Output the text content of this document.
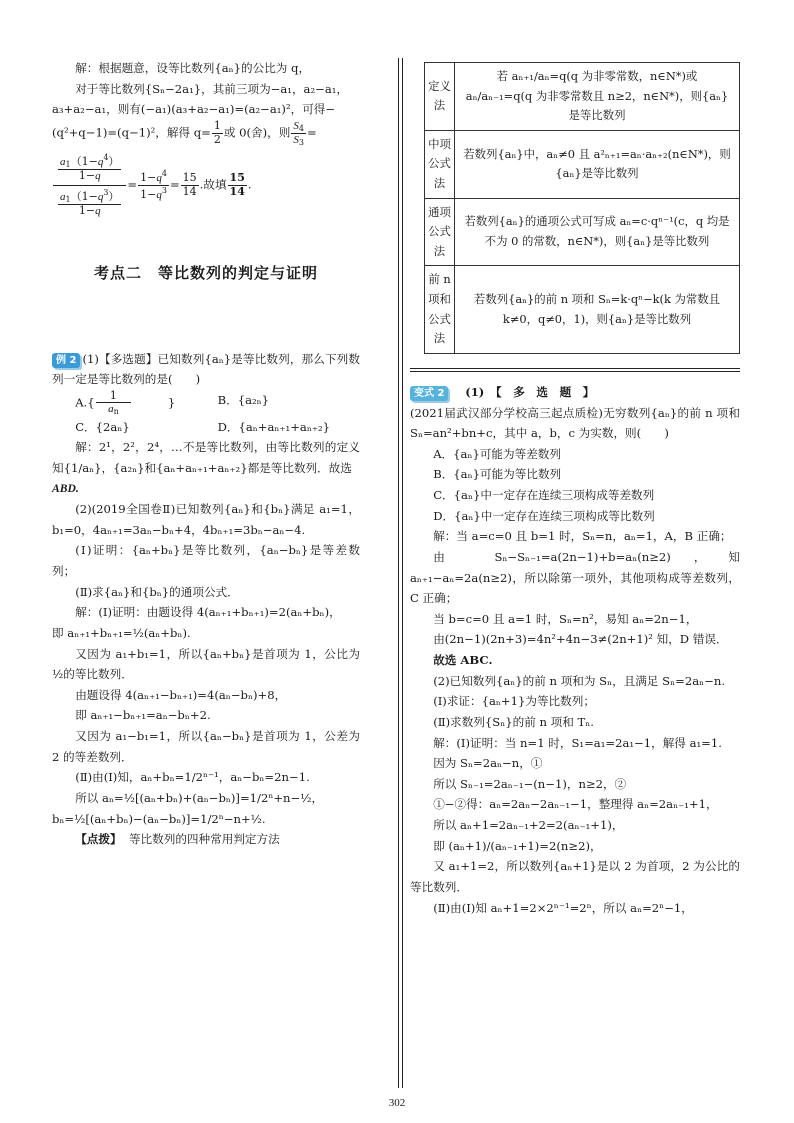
解：根据题意，设等比数列{aₙ}的公比为 q，

对于等比数列{Sₙ−2a₁}，其前三项为−a₁，a₂−a₁，

a₃+a₂−a₁，则有(−a₁)(a₃+a₂−a₁)=(a₂−a₁)²，可得−

(q²+q−1)=(q−1)²，解得 $q= \frac{1}{2}$ 或 0(舍)，则 $\frac{S_4}{S_3}$ =

$\frac{\frac{a_1(1-q^4)}{1-q}}{\frac{a_1(1-q^3)}{1-q}} = \frac{1-q^4}{1-q^3} = \frac{15}{14}$ .故填 $\frac{15}{14}$ .
考点二　等比数列的判定与证明

例 2 (1)【多选题】已知数列{aₙ}是等比数列，那么下列数列一定是等比数列的是(　　)

$A.\{ \frac{1}{a_n}$ }	B．{a₂ₙ}
C．{2aₙ}	D．{aₙ+aₙ₊₁+aₙ₊₂}

解：2¹，2²，2⁴，…不是等比数列，由等比数列的定义知{1/aₙ}，{a₂ₙ}和{aₙ+aₙ₊₁+aₙ₊₂}都是等比数列．故选

ABD.

(2)(2019全国卷Ⅱ)已知数列{aₙ}和{bₙ}满足 a₁=1，b₁=0，4aₙ₊₁=3aₙ−bₙ+4，4bₙ₊₁=3bₙ−aₙ−4.

(Ⅰ)证明：{aₙ+bₙ}是等比数列，{aₙ−bₙ}是等差数列；

(Ⅱ)求{aₙ}和{bₙ}的通项公式．

解：(Ⅰ)证明：由题设得 4(aₙ₊₁+bₙ₊₁)=2(aₙ+bₙ)，

即 aₙ₊₁+bₙ₊₁=½(aₙ+bₙ).

又因为 a₁+b₁=1，所以{aₙ+bₙ}是首项为 1，公比为½的等比数列．

由题设得 4(aₙ₊₁−bₙ₊₁)=4(aₙ−bₙ)+8，

即 aₙ₊₁−bₙ₊₁=aₙ−bₙ+2.

又因为 a₁−b₁=1，所以{aₙ−bₙ}是首项为 1，公差为 2 的等差数列．

(Ⅱ)由(Ⅰ)知，aₙ+bₙ=1/2ⁿ⁻¹，aₙ−bₙ=2n−1.

所以 aₙ=½[(aₙ+bₙ)+(aₙ−bₙ)]=1/2ⁿ+n−½，

bₙ=½[(aₙ+bₙ)−(aₙ−bₙ)]=1/2ⁿ−n+½.

【点拨】 等比数列的四种常用判定方法

定义法	若 aₙ₊₁/aₙ=q(q 为非零常数，n∈N*)或 aₙ/aₙ₋₁=q(q 为非零常数且 n≥2，n∈N*)，则{aₙ}是等比数列
中项公式法	若数列{aₙ}中，aₙ≠0 且 a²ₙ₊₁=aₙ·aₙ₊₂(n∈N*)，则{aₙ}是等比数列
通项公式法	若数列{aₙ}的通项公式可写成 aₙ=c·qⁿ⁻¹(c，q 均是不为 0 的常数，n∈N*)，则{aₙ}是等比数列
前 n 项和公式法	若数列{aₙ}的前 n 项和 Sₙ=k·qⁿ−k(k 为常数且 k≠0，q≠0，1)，则{aₙ}是等比数列

变式 2 (1)　【　多　选　题　】

(2021届武汉部分学校高三起点质检)无穷数列{aₙ}的前 n 项和 Sₙ=an²+bn+c，其中 a，b，c 为实数，则(　　)

A．{aₙ}可能为等差数列

B．{aₙ}可能为等比数列

C．{aₙ}中一定存在连续三项构成等差数列

D．{aₙ}中一定存在连续三项构成等比数列

解：当 a=c=0 且 b=1 时，Sₙ=n，aₙ=1，A，B 正确；

由 Sₙ−Sₙ₋₁=a(2n−1)+b=aₙ(n≥2)，知 aₙ₊₁−aₙ=2a(n≥2)，所以除第一项外，其他项构成等差数列，C 正确；

当 b=c=0 且 a=1 时，Sₙ=n²，易知 aₙ=2n−1，

由(2n−1)(2n+3)=4n²+4n−3≠(2n+1)² 知，D 错误．

故选 ABC.

(2)已知数列{aₙ}的前 n 项和为 Sₙ，且满足 Sₙ=2aₙ−n.

(Ⅰ)求证：{aₙ+1}为等比数列；

(Ⅱ)求数列{Sₙ}的前 n 项和 Tₙ.

解：(Ⅰ)证明：当 n=1 时，S₁=a₁=2a₁−1，解得 a₁=1.

因为 Sₙ=2aₙ−n，①

所以 Sₙ₋₁=2aₙ₋₁−(n−1)，n≥2，②

①−②得：aₙ=2aₙ−2aₙ₋₁−1，整理得 aₙ=2aₙ₋₁+1，

所以 aₙ+1=2aₙ₋₁+2=2(aₙ₋₁+1)，

即 (aₙ+1)/(aₙ₋₁+1)=2(n≥2)，

又 a₁+1=2，所以数列{aₙ+1}是以 2 为首项，2 为公比的等比数列．

(Ⅱ)由(Ⅰ)知 aₙ+1=2×2ⁿ⁻¹=2ⁿ，所以 aₙ=2ⁿ−1，

302
